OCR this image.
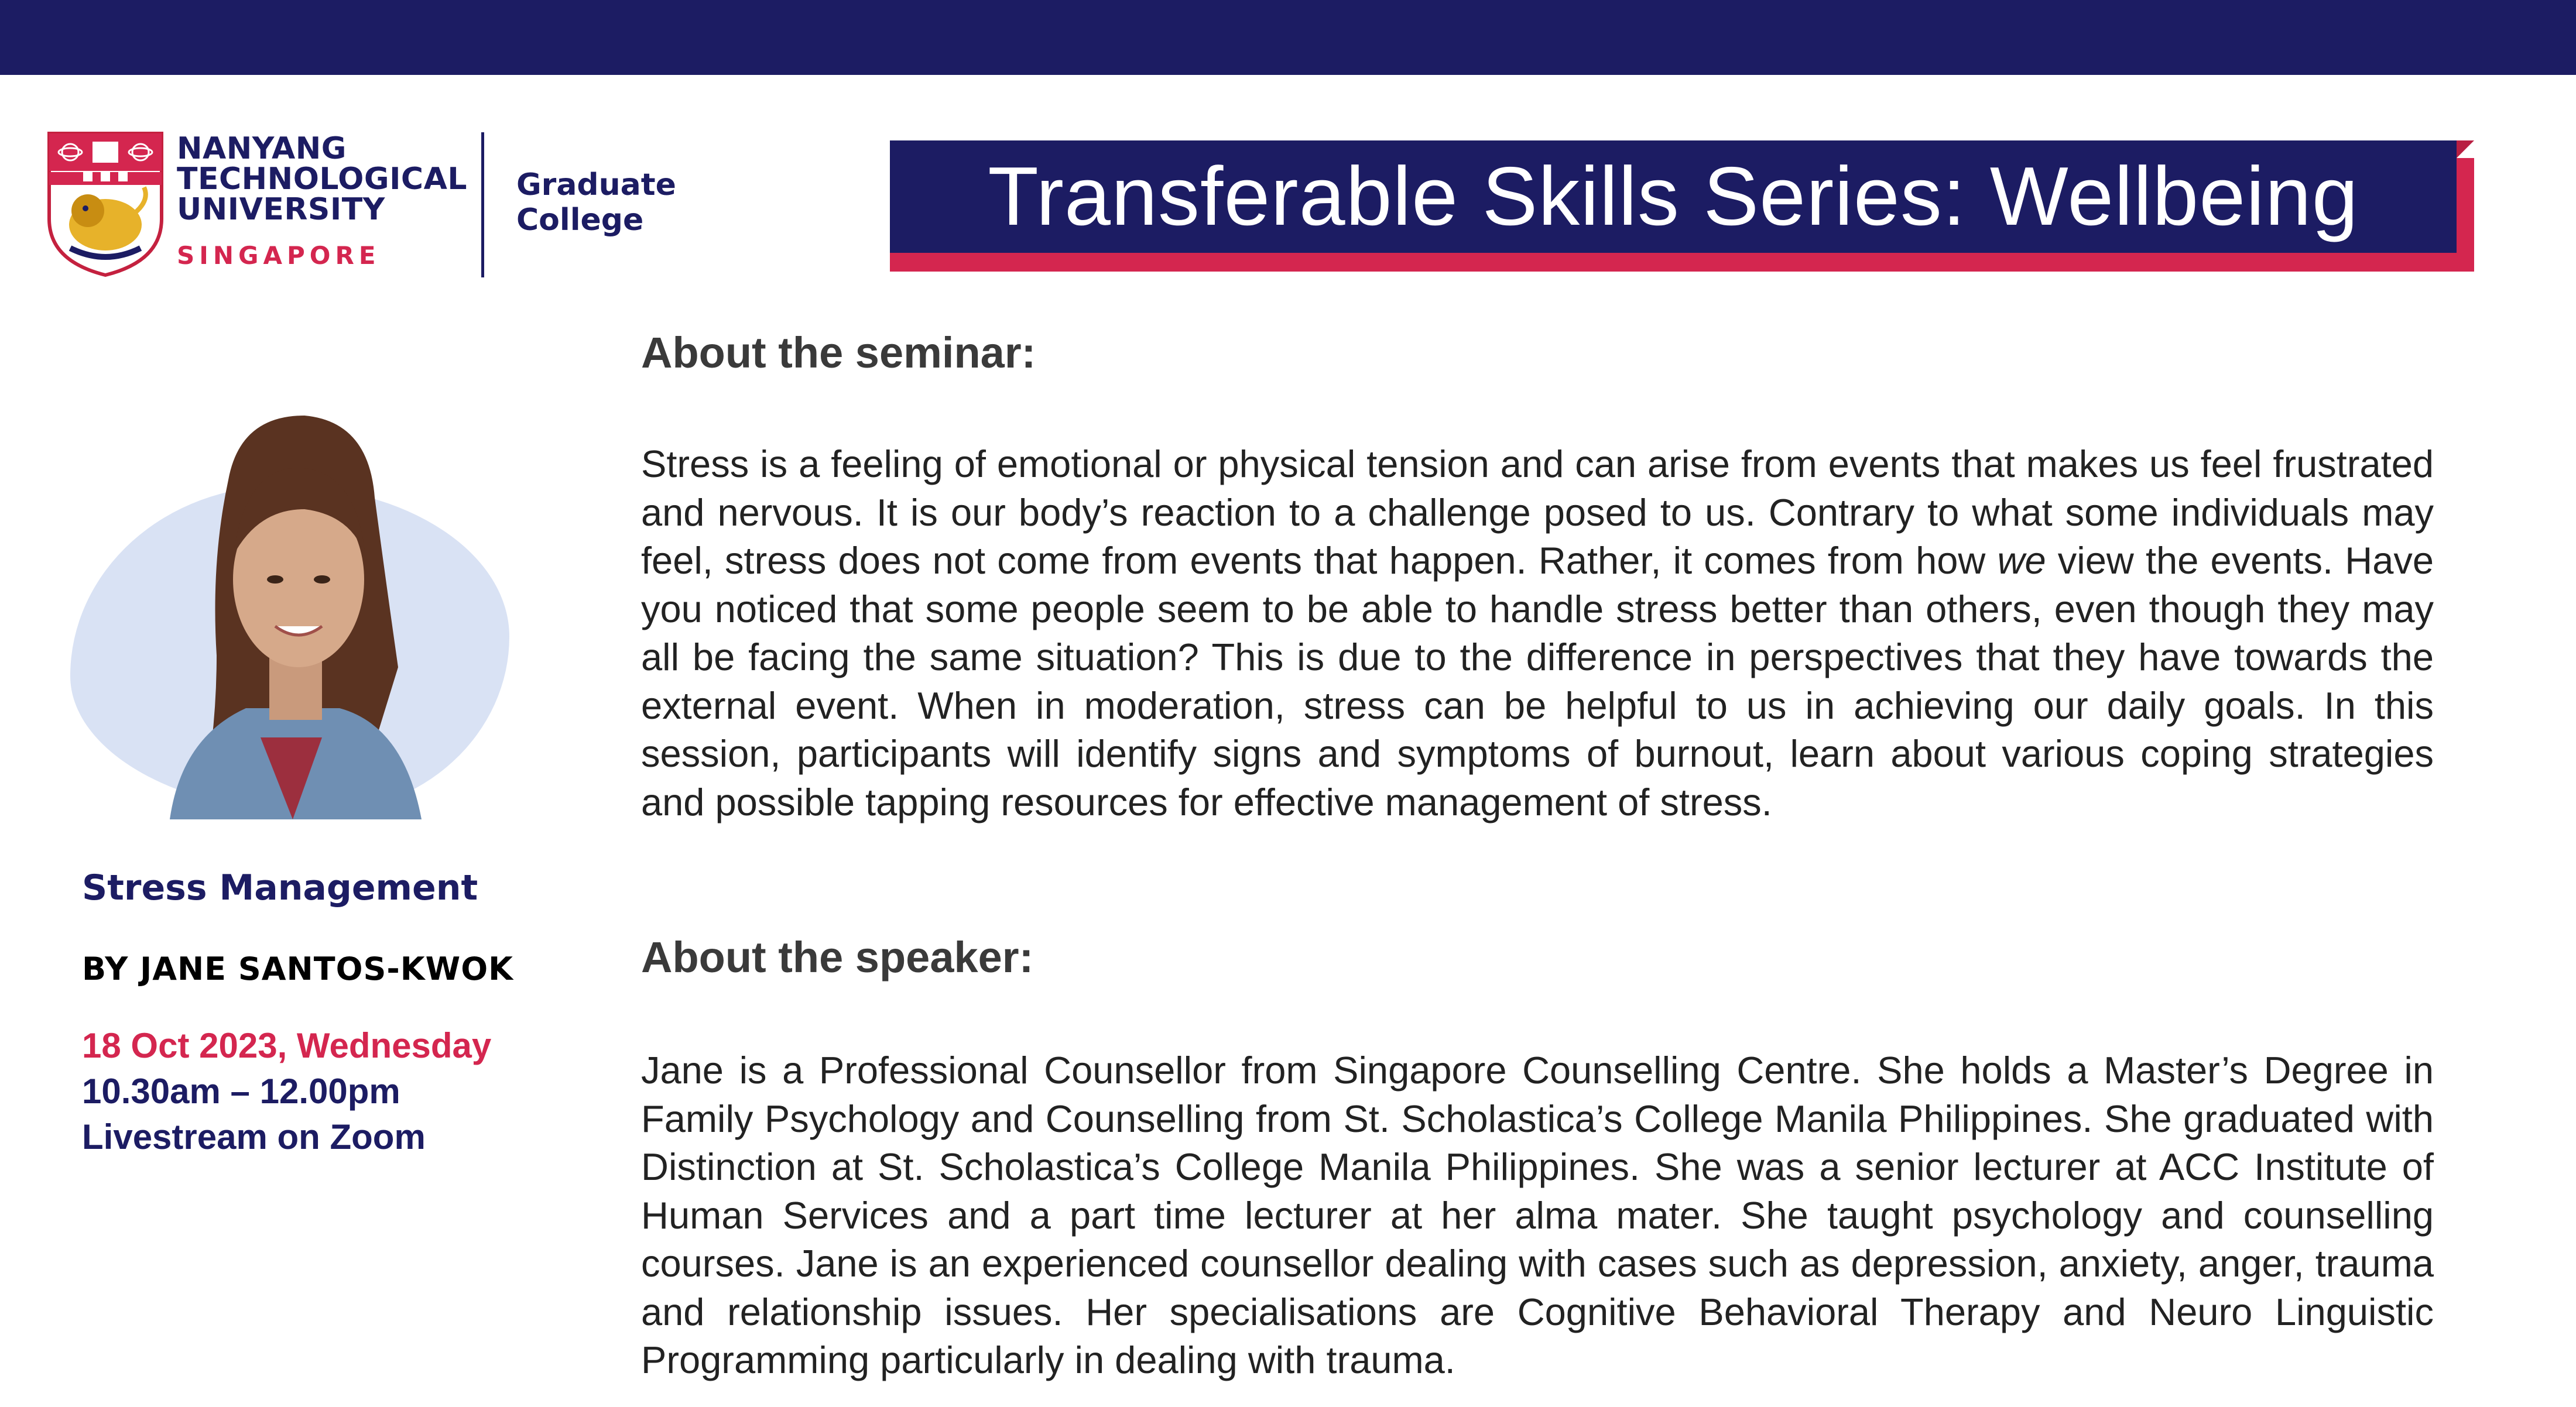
NANYANG
TECHNOLOGICAL
UNIVERSITY
SINGAPORE
Graduate College	Transferable Skills Series: Wellbeing
Stress Management
BY JANE SANTOS-KWOK
18 Oct 2023, Wednesday
10.30am – 12.00pm
Livestream on Zoom
About the seminar:

Stress is a feeling of emotional or physical tension and can arise from events that makes us feel frustrated and nervous. It is our body’s reaction to a challenge posed to us. Contrary to what some individuals may feel, stress does not come from events that happen. Rather, it comes from how we view the events. Have you noticed that some people seem to be able to handle stress better than others, even though they may all be facing the same situation? This is due to the difference in perspectives that they have towards the external event. When in moderation, stress can be helpful to us in achieving our daily goals. In this session, participants will identify signs and symptoms of burnout, learn about various coping strategies and possible tapping resources for effective management of stress.

About the speaker:

Jane is a Professional Counsellor from Singapore Counselling Centre. She holds a Master’s Degree in Family Psychology and Counselling from St. Scholastica’s College Manila Philippines. She graduated with Distinction at St. Scholastica’s College Manila Philippines. She was a senior lecturer at ACC Institute of Human Services and a part time lecturer at her alma mater. She taught psychology and counselling courses. Jane is an experienced counsellor dealing with cases such as depression, anxiety, anger, trauma and relationship issues. Her specialisations are Cognitive Behavioral Therapy and Neuro Linguistic Programming particularly in dealing with trauma.
